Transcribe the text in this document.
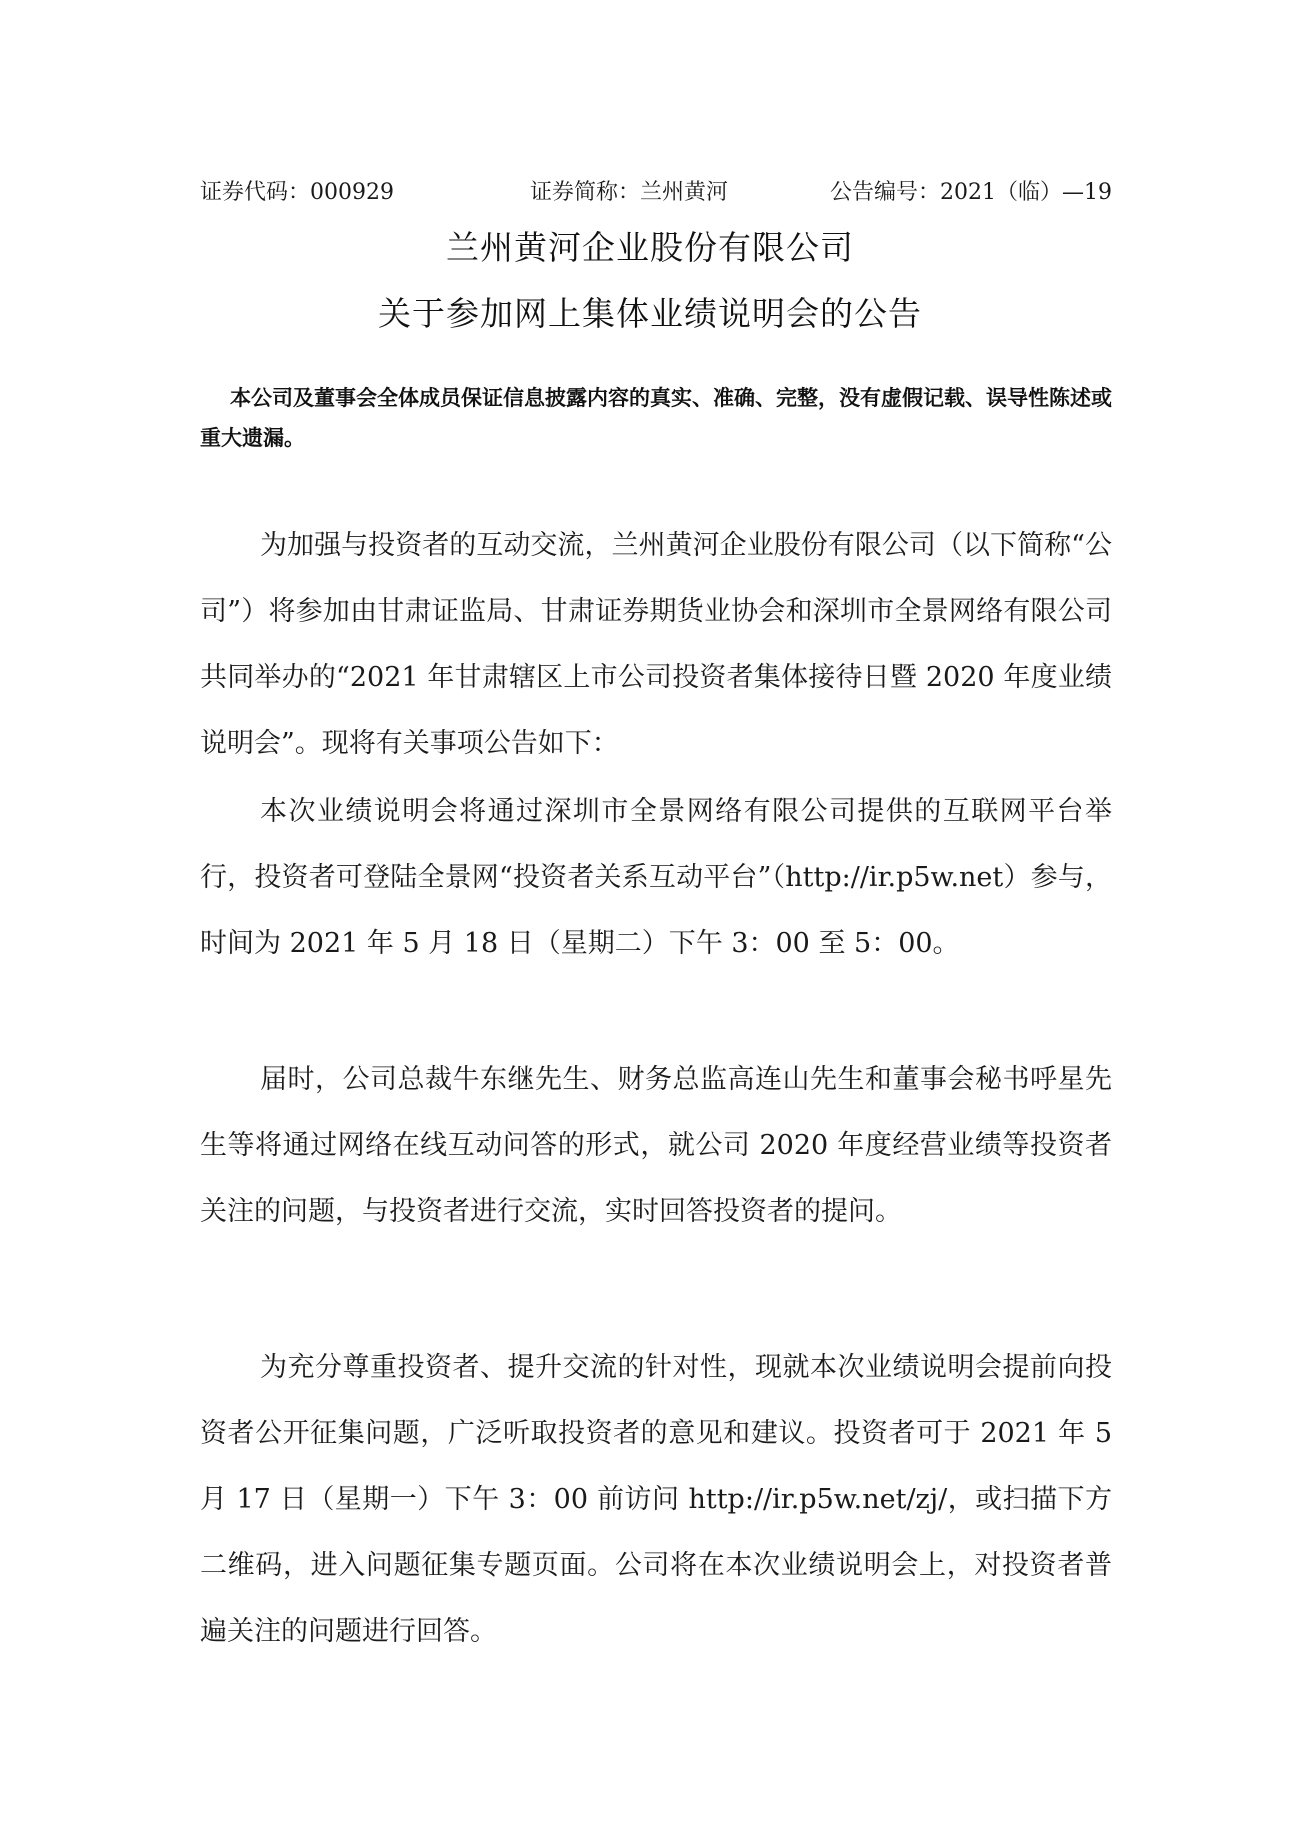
证券代码：000929	证券简称：兰州黄河	公告编号：2021（临）—19
兰州黄河企业股份有限公司
关于参加网上集体业绩说明会的公告
本公司及董事会全体成员保证信息披露内容的真实、准确、完整，没有虚假记载、误导性陈述或重大遗漏。

为加强与投资者的互动交流，兰州黄河企业股份有限公司（以下简称“公司”）将参加由甘肃证监局、甘肃证券期货业协会和深圳市全景网络有限公司共同举办的“2021 年甘肃辖区上市公司投资者集体接待日暨 2020 年度业绩说明会”。现将有关事项公告如下：

本次业绩说明会将通过深圳市全景网络有限公司提供的互联网平台举行，投资者可登陆全景网“投资者关系互动平台”（http://ir.p5w.net）参与，时间为 2021 年 5 月 18 日（星期二）下午 3：00 至 5：00。

届时，公司总裁牛东继先生、财务总监高连山先生和董事会秘书呼星先生等将通过网络在线互动问答的形式，就公司 2020 年度经营业绩等投资者关注的问题，与投资者进行交流，实时回答投资者的提问。

为充分尊重投资者、提升交流的针对性，现就本次业绩说明会提前向投资者公开征集问题，广泛听取投资者的意见和建议。投资者可于 2021 年 5 月 17 日（星期一）下午 3：00 前访问 http://ir.p5w.net/zj/，或扫描下方二维码，进入问题征集专题页面。公司将在本次业绩说明会上，对投资者普遍关注的问题进行回答。
